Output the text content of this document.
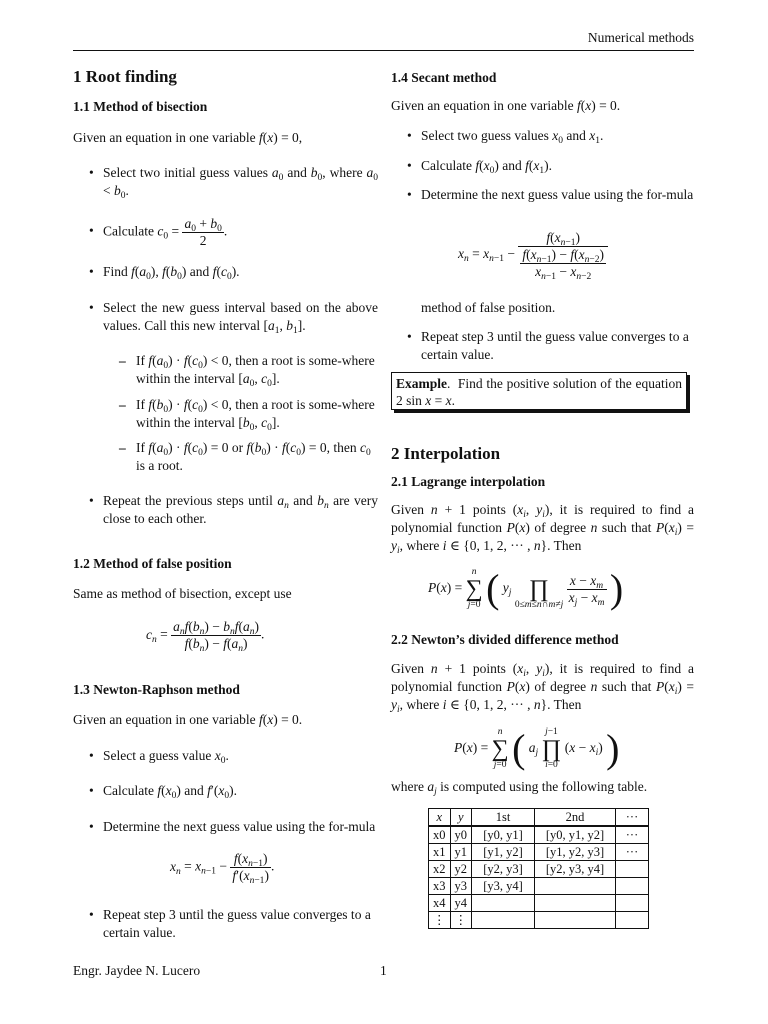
Numerical methods
1 Root finding
1.1 Method of bisection
Given an equation in one variable f(x) = 0,
• Select two initial guess values $a_0$ and $b_0$, where $a_0 < b_0$.
• Calculate $c_0 = \frac{a_0 + b_0}{2}$ .
• Find $f(a_0)$, $f(b_0)$ and $f(c_0)$.
• Select the new guess interval based on the above values. Call this new interval [$a_1$, $b_1$].
– If $f(a_0) \cdot f(c_0) < 0$, then a root is some-where within the interval [$a_0$, $c_0$].
– If $f(b_0) \cdot f(c_0) < 0$, then a root is some-where within the interval [$b_0$, $c_0$].
– If $f(a_0) \cdot f(c_0) = 0$ or $f(b_0) \cdot f(c_0) = 0$, then $c_0$ is a root.
• Repeat the previous steps until $a_n$ and $b_n$ are very close to each other.
1.2 Method of false position
Same as method of bisection, except use
$c_n = \frac{a_nf(b_n) - b_nf(a_n)}{f(b_n) - f(a_n)}$ .
1.3 Newton-Raphson method
Given an equation in one variable f(x) = 0.
• Select a guess value $x_0$.
• Calculate $f(x_0)$ and $f'(x_0)$.
• Determine the next guess value using the for-mula
$x_n = x_{n-1} - \frac{f(x_{n-1})}{f'(x_{n-1})}$ .
• Repeat step 3 until the guess value converges to a certain value.
1.4 Secant method
Given an equation in one variable f(x) = 0.
• Select two guess values $x_0$ and $x_1$.
• Calculate $f(x_0)$ and $f(x_1)$.
• Determine the next guess value using the for-mula
$x_n = x_{n-1} - \frac{f(x_{n-1})}{\frac{f(x_{n-1}) - f(x_{n-2})}{x_{n-1} - x_{n-2}}}$
method of false position.
• Repeat step 3 until the guess value converges to a certain value.
Example.  Find the positive solution of the equation 2 sin x = x.
2 Interpolation
2.1 Lagrange interpolation
Given n + 1 points ($x_i$, $y_i$), it is required to find a polynomial function P(x) of degree n such that $P(x_i) = y_i$, where i ∈ {0, 1, 2, ··· , n}. Then
P(x) =
n
∑
j=0 ( $y_j$
∏
0≤m≤n∩m≠j
$\frac{x - x_m}{x_j - x_m}$ )
2.2 Newton’s divided difference method
Given n + 1 points ($x_i$, $y_i$), it is required to find a polynomial function P(x) of degree n such that $P(x_i) = y_i$, where i ∈ {0, 1, 2, ··· , n}. Then
P(x) =
n
∑
j=0 ( $a_j$
j−1
∏
i=0
$(x - x_i)$ )
where $a_j$ is computed using the following table.
x	y	1st	2nd	···
x0	y0	[y0, y1]	[y0, y1, y2]	···
x1	y1	[y1, y2]	[y1, y2, y3]	···
x2	y2	[y2, y3]	[y2, y3, y4]	
x3	y3	[y3, y4]		
x4	y4			
⋮	⋮			
Engr. Jaydee N. Lucero	1
